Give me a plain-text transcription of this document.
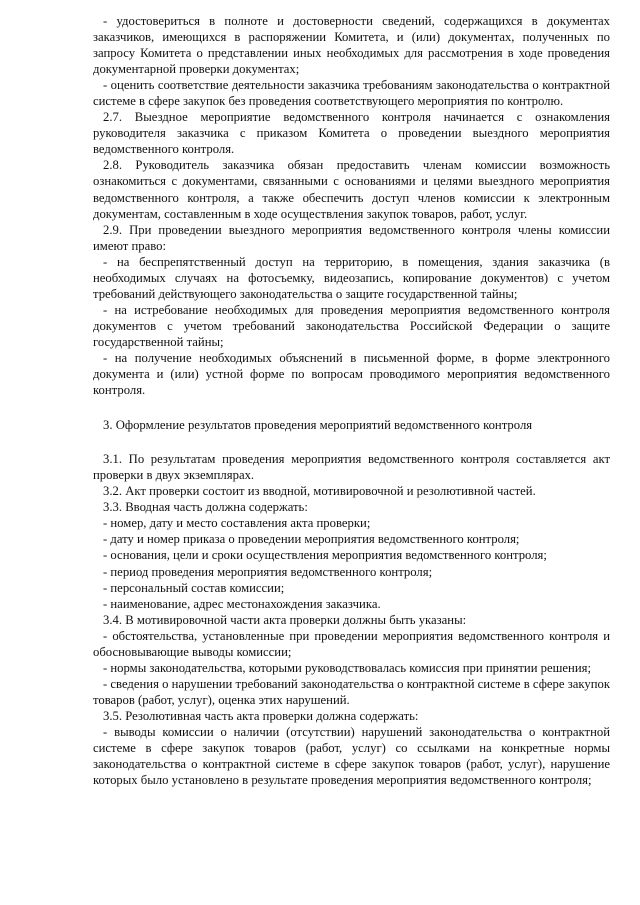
- удостовериться в полноте и достоверности сведений, содержащихся в документах заказчиков, имеющихся в распоряжении Комитета, и (или) документах, полученных по запросу Комитета о представлении иных необходимых для рассмотрения в ходе проведения документарной проверки документах;

- оценить соответствие деятельности заказчика требованиям законодательства о контрактной системе в сфере закупок без проведения соответствующего мероприятия по контролю.

2.7. Выездное мероприятие ведомственного контроля начинается с ознакомления руководителя заказчика с приказом Комитета о проведении выездного мероприятия ведомственного контроля.

2.8. Руководитель заказчика обязан предоставить членам комиссии возможность ознакомиться с документами, связанными с основаниями и целями выездного мероприятия ведомственного контроля, а также обеспечить доступ членов комиссии к электронным документам, составленным в ходе осуществления закупок товаров, работ, услуг.

2.9. При проведении выездного мероприятия ведомственного контроля члены комиссии имеют право:

- на беспрепятственный доступ на территорию, в помещения, здания заказчика (в необходимых случаях на фотосъемку, видеозапись, копирование документов) с учетом требований действующего законодательства о защите государственной тайны;

- на истребование необходимых для проведения мероприятия ведомственного контроля документов с учетом требований законодательства Российской Федерации о защите государственной тайны;

- на получение необходимых объяснений в письменной форме, в форме электронного документа и (или) устной форме по вопросам проводимого мероприятия ведомственного контроля.

3. Оформление результатов проведения мероприятий ведомственного контроля

3.1. По результатам проведения мероприятия ведомственного контроля составляется акт проверки в двух экземплярах.

3.2. Акт проверки состоит из вводной, мотивировочной и резолютивной частей.

3.3. Вводная часть должна содержать:

- номер, дату и место составления акта проверки;

- дату и номер приказа о проведении мероприятия ведомственного контроля;

- основания, цели и сроки осуществления мероприятия ведомственного контроля;

- период проведения мероприятия ведомственного контроля;

- персональный состав комиссии;

- наименование, адрес местонахождения заказчика.

3.4. В мотивировочной части акта проверки должны быть указаны:

- обстоятельства, установленные при проведении мероприятия ведомственного контроля и обосновывающие выводы комиссии;

- нормы законодательства, которыми руководствовалась комиссия при принятии решения;

- сведения о нарушении требований законодательства о контрактной системе в сфере закупок товаров (работ, услуг), оценка этих нарушений.

3.5. Резолютивная часть акта проверки должна содержать:

- выводы комиссии о наличии (отсутствии) нарушений законодательства о контрактной системе в сфере закупок товаров (работ, услуг) со ссылками на конкретные нормы законодательства о контрактной системе в сфере закупок товаров (работ, услуг), нарушение которых было установлено в результате проведения мероприятия ведомственного контроля;
